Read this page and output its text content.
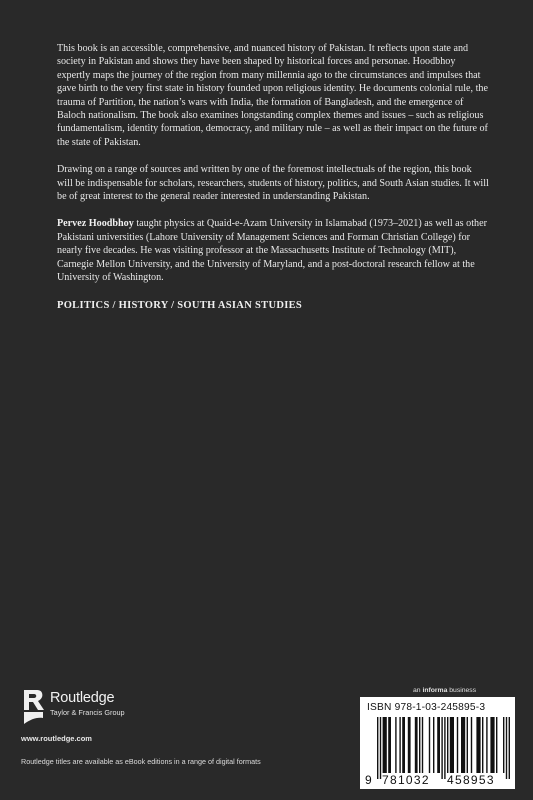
This book is an accessible, comprehensive, and nuanced history of Pakistan. It reflects upon state and society in Pakistan and shows they have been shaped by historical forces and personae. Hoodbhoy expertly maps the journey of the region from many millennia ago to the circumstances and impulses that gave birth to the very first state in history founded upon religious identity. He documents colonial rule, the trauma of Partition, the nation’s wars with India, the formation of Bangladesh, and the emergence of Baloch nationalism. The book also examines longstanding complex themes and issues – such as religious fundamentalism, identity formation, democracy, and military rule – as well as their impact on the future of the state of Pakistan.

Drawing on a range of sources and written by one of the foremost intellectuals of the region, this book will be indispensable for scholars, researchers, students of history, politics, and South Asian studies. It will be of great interest to the general reader interested in understanding Pakistan.

Pervez Hoodbhoy taught physics at Quaid-e-Azam University in Islamabad (1973–2021) as well as other Pakistani universities (Lahore University of Management Sciences and Forman Christian College) for nearly five decades. He was visiting professor at the Massachusetts Institute of Technology (MIT), Carnegie Mellon University, and the University of Maryland, and a post-doctoral research fellow at the University of Washington.

POLITICS / HISTORY / SOUTH ASIAN STUDIES

Routledge
Taylor & Francis Group
www.routledge.com
Routledge titles are available as eBook editions in a range of digital formats
an informa business
ISBN 978-1-03-245895-3
9 781032 458953
